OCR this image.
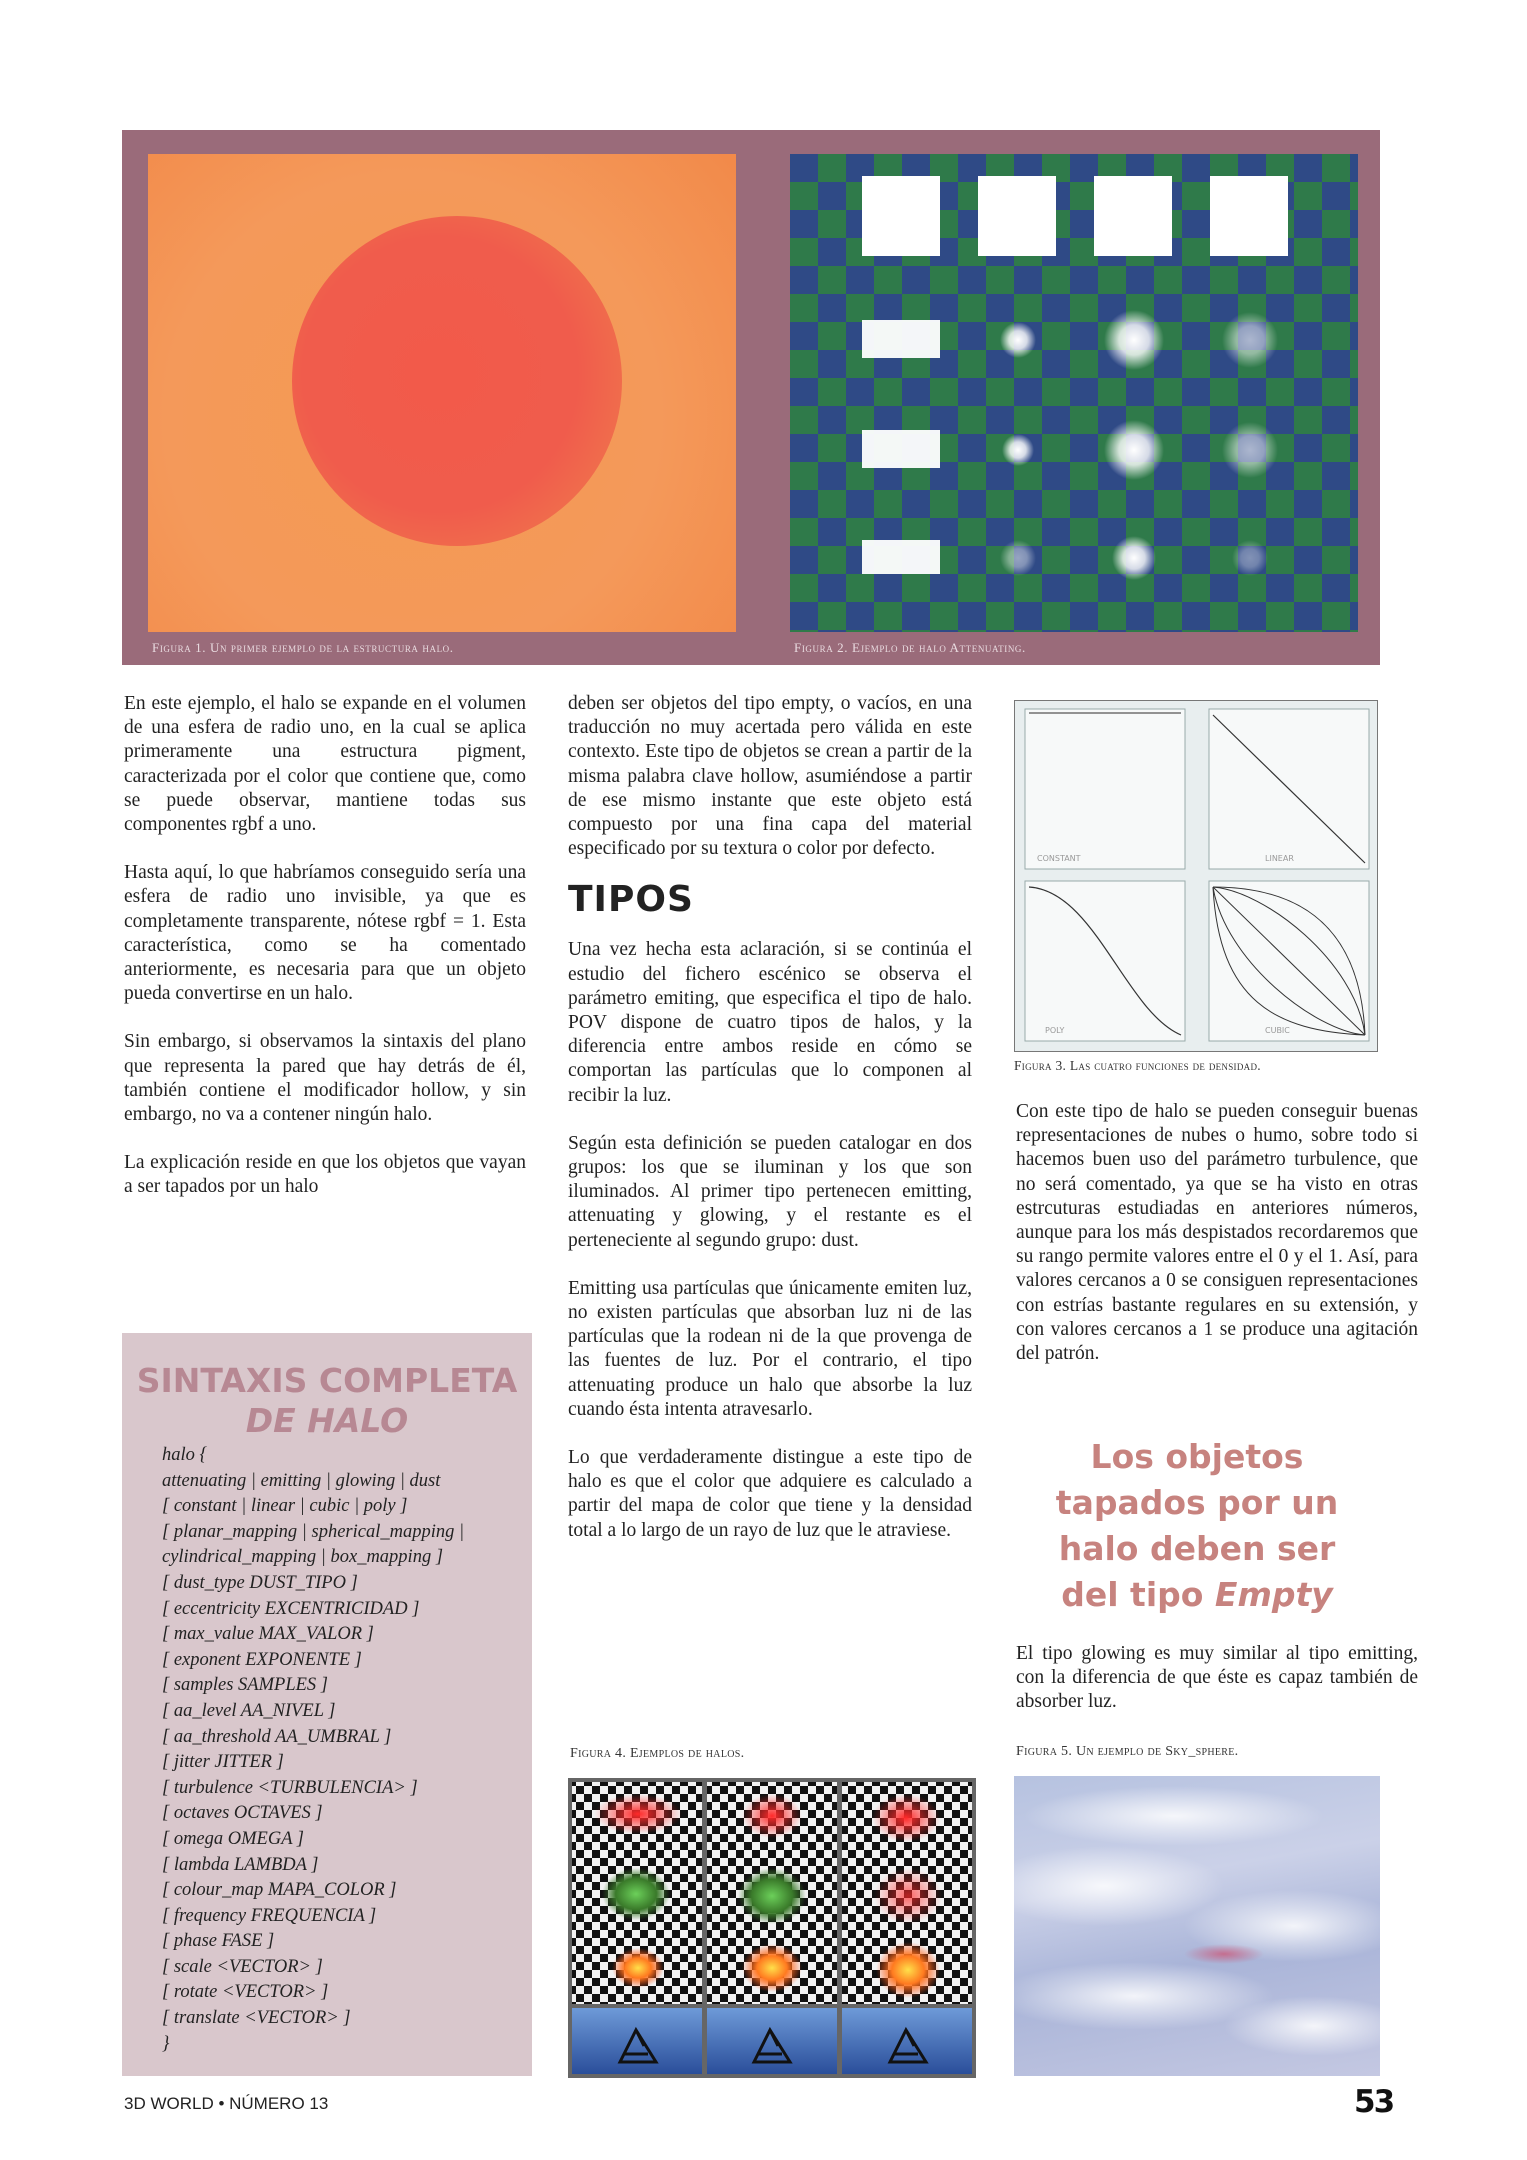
Figura 1. Un primer ejemplo de la estructura halo.	Figura 2. Ejemplo de halo Attenuating.

En este ejemplo, el halo se expande en el volumen de una esfera de radio uno, en la cual se aplica primeramente una estructura pigment, caracterizada por el color que contiene que, como se puede observar, mantiene todas sus componentes rgbf a uno.

Hasta aquí, lo que habríamos conseguido sería una esfera de radio uno invisible, ya que es completamente transparente, nótese rgbf = 1. Esta característica, como se ha comentado anteriormente, es necesaria para que un objeto pueda convertirse en un halo.

Sin embargo, si observamos la sintaxis del plano que representa la pared que hay detrás de él, también contiene el modificador hollow, y sin embargo, no va a contener ningún halo.

La explicación reside en que los objetos que vayan a ser tapados por un halo

SINTAXIS COMPLETA
DE HALO
halo {
attenuating | emitting | glowing | dust
[ constant | linear | cubic | poly ]
[ planar_mapping | spherical_mapping |
cylindrical_mapping | box_mapping ]
[ dust_type DUST_TIPO ]
[ eccentricity EXCENTRICIDAD ]
[ max_value MAX_VALOR ]
[ exponent EXPONENTE ]
[ samples SAMPLES ]
[ aa_level AA_NIVEL ]
[ aa_threshold AA_UMBRAL ]
[ jitter JITTER ]
[ turbulence <TURBULENCIA> ]
[ octaves OCTAVES ]
[ omega OMEGA ]
[ lambda LAMBDA ]
[ colour_map MAPA_COLOR ]
[ frequency FREQUENCIA ]
[ phase FASE ]
[ scale <VECTOR> ]
[ rotate <VECTOR> ]
[ translate <VECTOR> ]
}

deben ser objetos del tipo empty, o vacíos, en una traducción no muy acertada pero válida en este contexto. Este tipo de objetos se crean a partir de la misma palabra clave hollow, asumiéndose a partir de ese mismo instante que este objeto está compuesto por una fina capa del material especificado por su textura o color por defecto.

TIPOS

Una vez hecha esta aclaración, si se continúa el estudio del fichero escénico se observa el parámetro emiting, que especifica el tipo de halo. POV dispone de cuatro tipos de halos, y la diferencia entre ambos reside en cómo se comportan las partículas que lo componen al recibir la luz.

Según esta definición se pueden catalogar en dos grupos: los que se iluminan y los que son iluminados. Al primer tipo pertenecen emitting, attenuating y glowing, y el restante es el perteneciente al segundo grupo: dust.

Emitting usa partículas que únicamente emiten luz, no existen partículas que absorban luz ni de las partículas que la rodean ni de la que provenga de las fuentes de luz. Por el contrario, el tipo attenuating produce un halo que absorbe la luz cuando ésta intenta atravesarlo.

Lo que verdaderamente distingue a este tipo de halo es que el color que adquiere es calculado a partir del mapa de color que tiene y la densidad total a lo largo de un rayo de luz que le atraviese.

Figura 4. Ejemplos de halos.
CONSTANT	LINEAR
POLY	CUBIC
Figura 3. Las cuatro funciones de densidad.

Con este tipo de halo se pueden conseguir buenas representaciones de nubes o humo, sobre todo si hacemos buen uso del parámetro turbulence, que no será comentado, ya que se ha visto en otras estrcuturas estudiadas en anteriores números, aunque para los más despistados recordaremos que su rango permite valores entre el 0 y el 1. Así, para valores cercanos a 0 se consiguen representaciones con estrías bastante regulares en su extensión, y con valores cercanos a 1 se produce una agitación del patrón.

Los objetos
tapados por un
halo deben ser
del tipo Empty

El tipo glowing es muy similar al tipo emitting, con la diferencia de que éste es capaz también de absorber luz.

Figura 5. Un ejemplo de Sky_sphere.
3D WORLD • NÚMERO 13	53
